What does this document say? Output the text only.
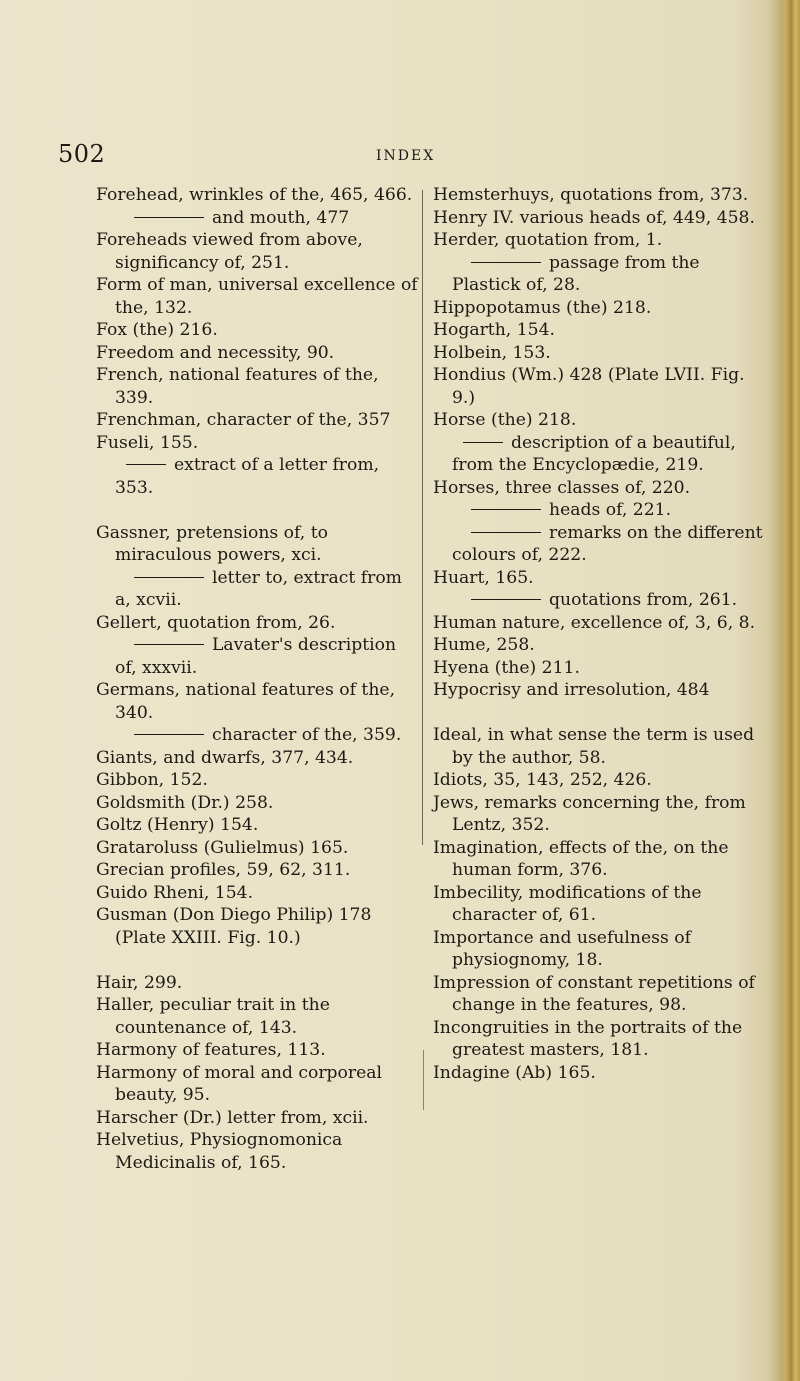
502	INDEX

Forehead, wrinkles of the, 465, 466.

and mouth, 477

Foreheads viewed from above, significancy of, 251.

Form of man, universal excellence of the, 132.

Fox (the) 216.

Freedom and necessity, 90.

French, national features of the, 339.

Frenchman, character of the, 357

Fuseli, 155.

extract of a letter from, 353.

Gassner, pretensions of, to miraculous powers, xci.

letter to, extract from a, xcvii.

Gellert, quotation from, 26.

Lavater's description of, xxxvii.

Germans, national features of the, 340.

character of the, 359.

Giants, and dwarfs, 377, 434.

Gibbon, 152.

Goldsmith (Dr.) 258.

Goltz (Henry) 154.

Grataroluss (Gulielmus) 165.

Grecian profiles, 59, 62, 311.

Guido Rheni, 154.

Gusman (Don Diego Philip) 178 (Plate XXIII. Fig. 10.)

Hair, 299.

Haller, peculiar trait in the countenance of, 143.

Harmony of features, 113.

Harmony of moral and corporeal beauty, 95.

Harscher (Dr.) letter from, xcii.

Helvetius, Physiognomonica Medicinalis of, 165.

Hemsterhuys, quotations from, 373.

Henry IV. various heads of, 449, 458.

Herder, quotation from, 1.

passage from the Plastick of, 28.

Hippopotamus (the) 218.

Hogarth, 154.

Holbein, 153.

Hondius (Wm.) 428 (Plate LVII. Fig. 9.)

Horse (the) 218.

description of a beautiful, from the Encyclopædie, 219.

Horses, three classes of, 220.

heads of, 221.

remarks on the different colours of, 222.

Huart, 165.

quotations from, 261.

Human nature, excellence of, 3, 6, 8.

Hume, 258.

Hyena (the) 211.

Hypocrisy and irresolution, 484

Ideal, in what sense the term is used by the author, 58.

Idiots, 35, 143, 252, 426.

Jews, remarks concerning the, from Lentz, 352.

Imagination, effects of the, on the human form, 376.

Imbecility, modifications of the character of, 61.

Importance and usefulness of physiognomy, 18.

Impression of constant repetitions of change in the features, 98.

Incongruities in the portraits of the greatest masters, 181.

Indagine (Ab) 165.
